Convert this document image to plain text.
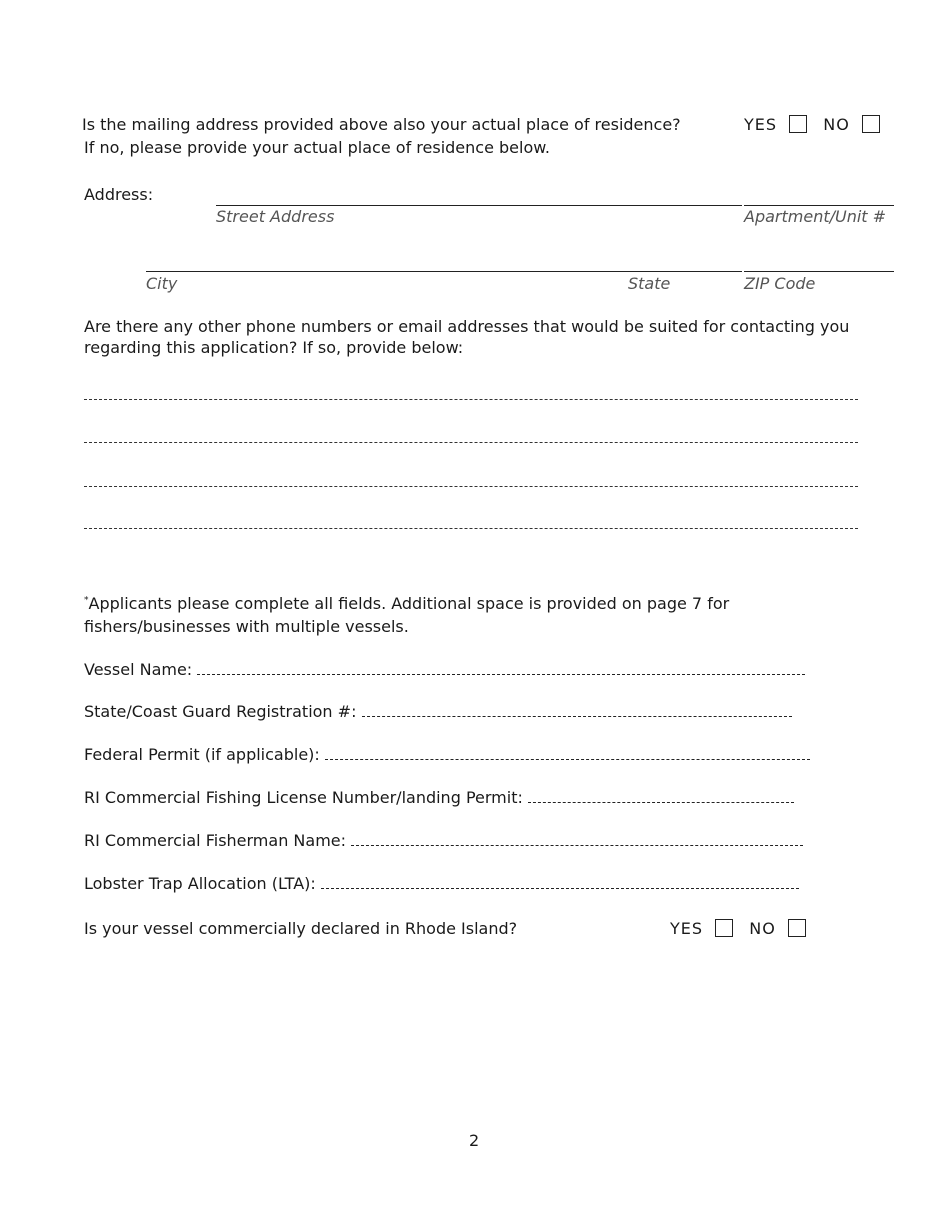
Is the mailing address provided above also your actual place of residence?	YES	NO
If no, please provide your actual place of residence below.
Address:
Street Address	Apartment/Unit #
City	State	ZIP Code
Are there any other phone numbers or email addresses that would be suited for contacting you
regarding this application? If so, provide below:
*Applicants please complete all fields. Additional space is provided on page 7 for
fishers/businesses with multiple vessels.
Vessel Name:
State/Coast Guard Registration #:
Federal Permit (if applicable):
RI Commercial Fishing License Number/landing Permit:
RI Commercial Fisherman Name:
Lobster Trap Allocation (LTA):
Is your vessel commercially declared in Rhode Island?	YES	NO
2
